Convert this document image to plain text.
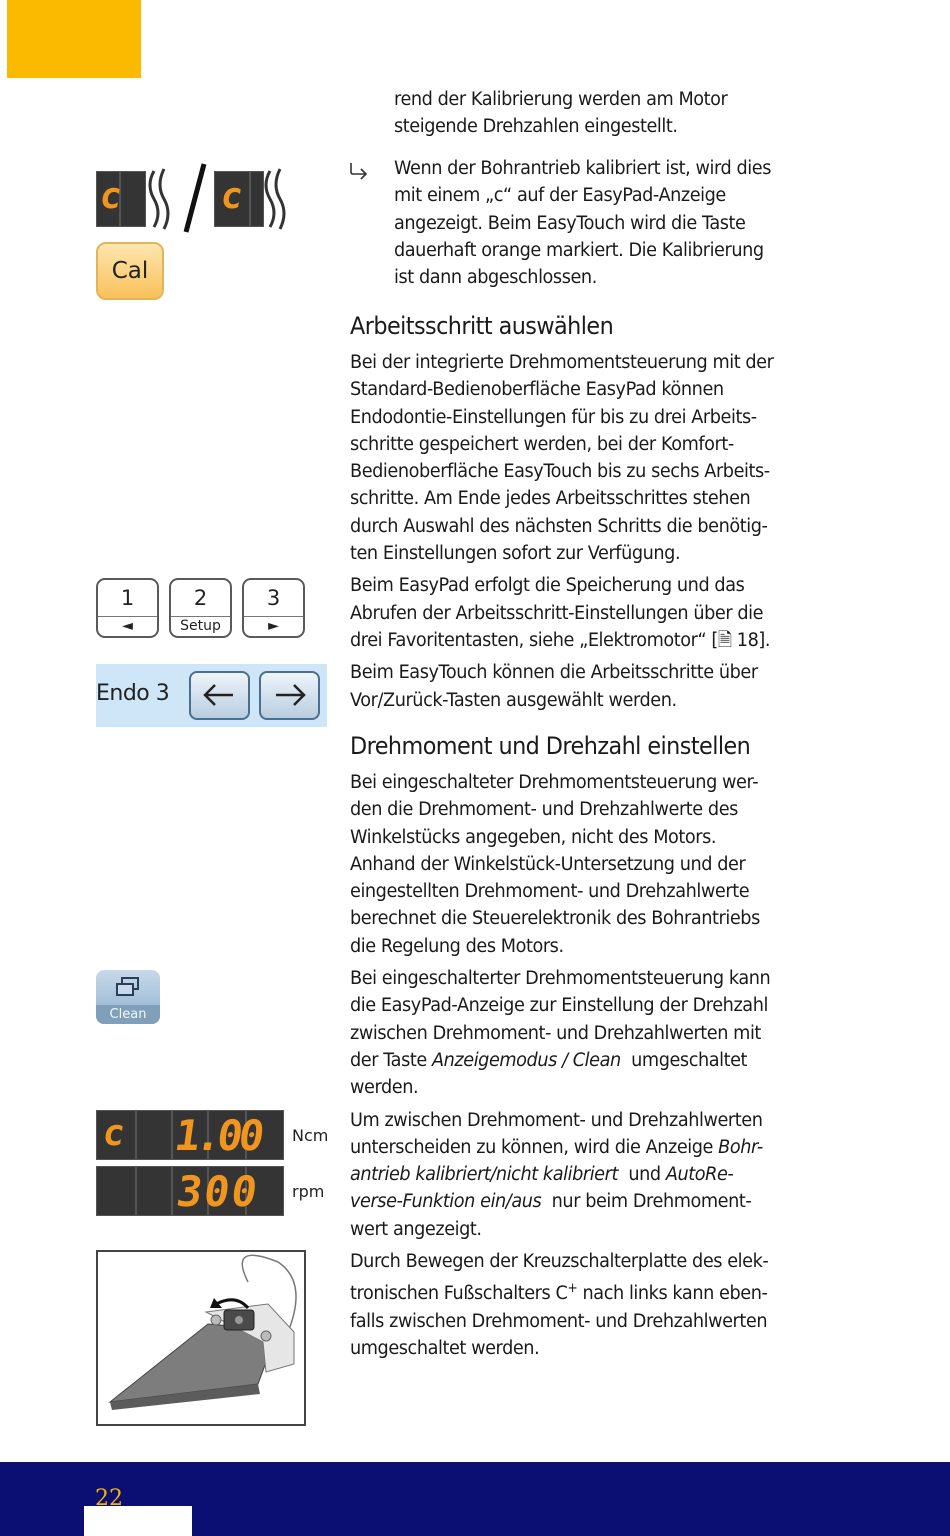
c	c
Cal
1
◄
2
Setup
3
►
Endo 3
Clean
c 1.00 Ncm
300 rpm

rend der Kalibrierung werden am Motor

steigende Drehzahlen eingestellt.

Wenn der Bohrantrieb kalibriert ist, wird dies

mit einem „c“ auf der EasyPad-Anzeige

angezeigt. Beim EasyTouch wird die Taste

dauerhaft orange markiert. Die Kalibrierung

ist dann abgeschlossen.

Arbeitsschritt auswählen

Bei der integrierte Drehmomentsteuerung mit der

Standard-Bedienoberfläche EasyPad können

Endodontie-Einstellungen für bis zu drei Arbeits-

schritte gespeichert werden, bei der Komfort-

Bedienoberfläche EasyTouch bis zu sechs Arbeits-

schritte. Am Ende jedes Arbeitsschrittes stehen

durch Auswahl des nächsten Schritts die benötig-

ten Einstellungen sofort zur Verfügung.

Beim EasyPad erfolgt die Speicherung und das

Abrufen der Arbeitsschritt-Einstellungen über die

drei Favoritentasten, siehe „Elektromotor“ [🗎 18].

Beim EasyTouch können die Arbeitsschritte über

Vor/Zurück-Tasten ausgewählt werden.

Drehmoment und Drehzahl einstellen

Bei eingeschalteter Drehmomentsteuerung wer-

den die Drehmoment- und Drehzahlwerte des

Winkelstücks angegeben, nicht des Motors.

Anhand der Winkelstück-Untersetzung und der

eingestellten Drehmoment- und Drehzahlwerte

berechnet die Steuerelektronik des Bohrantriebs

die Regelung des Motors.

Bei eingeschalterter Drehmomentsteuerung kann

die EasyPad-Anzeige zur Einstellung der Drehzahl

zwischen Drehmoment- und Drehzahlwerten mit

der Taste Anzeigemodus / Clean  umgeschaltet

werden.

Um zwischen Drehmoment- und Drehzahlwerten

unterscheiden zu können, wird die Anzeige Bohr-

antrieb kalibriert/nicht kalibriert  und AutoRe-

verse-Funktion ein/aus  nur beim Drehmoment-

wert angezeigt.

Durch Bewegen der Kreuzschalterplatte des elek-

tronischen Fußschalters C+ nach links kann eben-

falls zwischen Drehmoment- und Drehzahlwerten

umgeschaltet werden.

22
